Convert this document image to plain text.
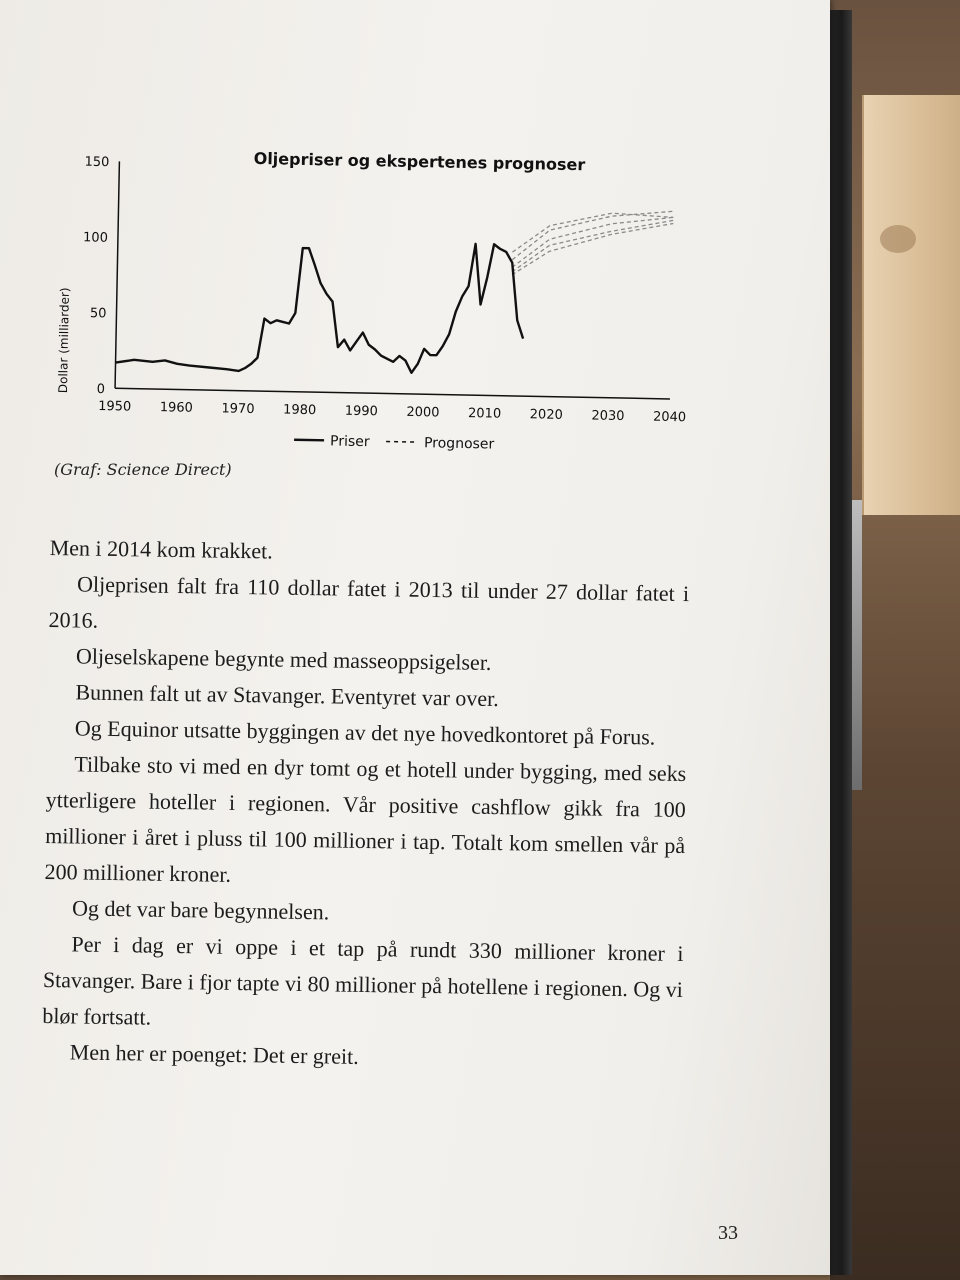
Oljepriser og ekspertenes prognoser
Dollar (milliarder) 0
50
100
150
1950 1960 1970 1980 1990 2000 2010 2020 2030 2040
Priser	Prognoser
(Graf: Science Direct)

Men i 2014 kom krakket.

Oljeprisen falt fra 110 dollar fatet i 2013 til under 27 dollar fatet i 2016.

Oljeselskapene begynte med masseoppsigelser.

Bunnen falt ut av Stavanger. Eventyret var over.

Og Equinor utsatte byggingen av det nye hovedkontoret på Forus.

Tilbake sto vi med en dyr tomt og et hotell under bygging, med seks ytterligere hoteller i regionen. Vår positive cashflow gikk fra 100 millioner i året i pluss til 100 millioner i tap. Totalt kom smellen vår på 200 millioner kroner.

Og det var bare begynnelsen.

Per i dag er vi oppe i et tap på rundt 330 millioner kroner i Stavanger. Bare i fjor tapte vi 80 millioner på hotellene i regionen. Og vi blør fortsatt.

Men her er poenget: Det er greit.

33
